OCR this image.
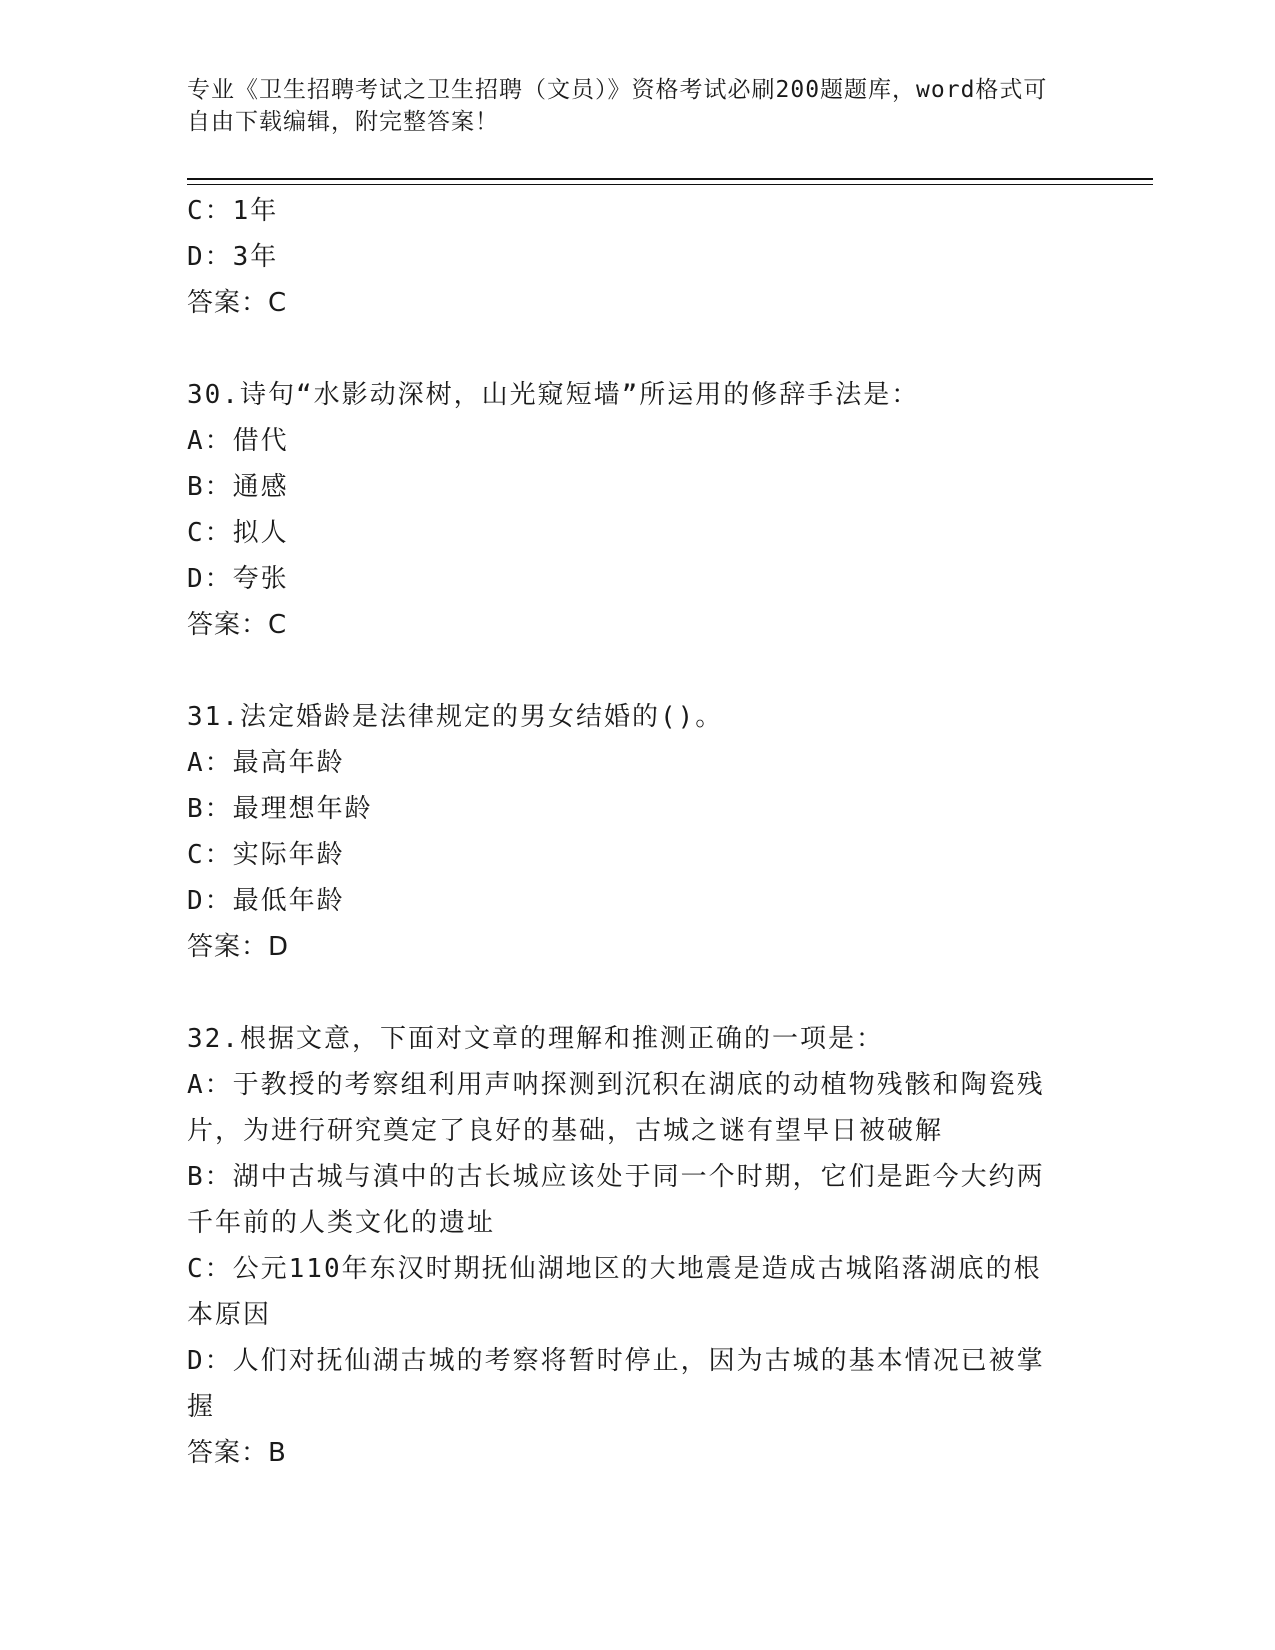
专业《卫生招聘考试之卫生招聘（文员）》资格考试必刷200题题库，word格式可自由下载编辑，附完整答案！
C：1年
D：3年
答案：C
30.诗句“水影动深树，山光窥短墙”所运用的修辞手法是：
A：借代
B：通感
C：拟人
D：夸张
答案：C
31.法定婚龄是法律规定的男女结婚的()。
A：最高年龄
B：最理想年龄
C：实际年龄
D：最低年龄
答案：D
32.根据文意，下面对文章的理解和推测正确的一项是：
A：于教授的考察组利用声呐探测到沉积在湖底的动植物残骸和陶瓷残片，为进行研究奠定了良好的基础，古城之谜有望早日被破解
B：湖中古城与滇中的古长城应该处于同一个时期，它们是距今大约两千年前的人类文化的遗址
C：公元110年东汉时期抚仙湖地区的大地震是造成古城陷落湖底的根本原因
D：人们对抚仙湖古城的考察将暂时停止，因为古城的基本情况已被掌握
答案：B
